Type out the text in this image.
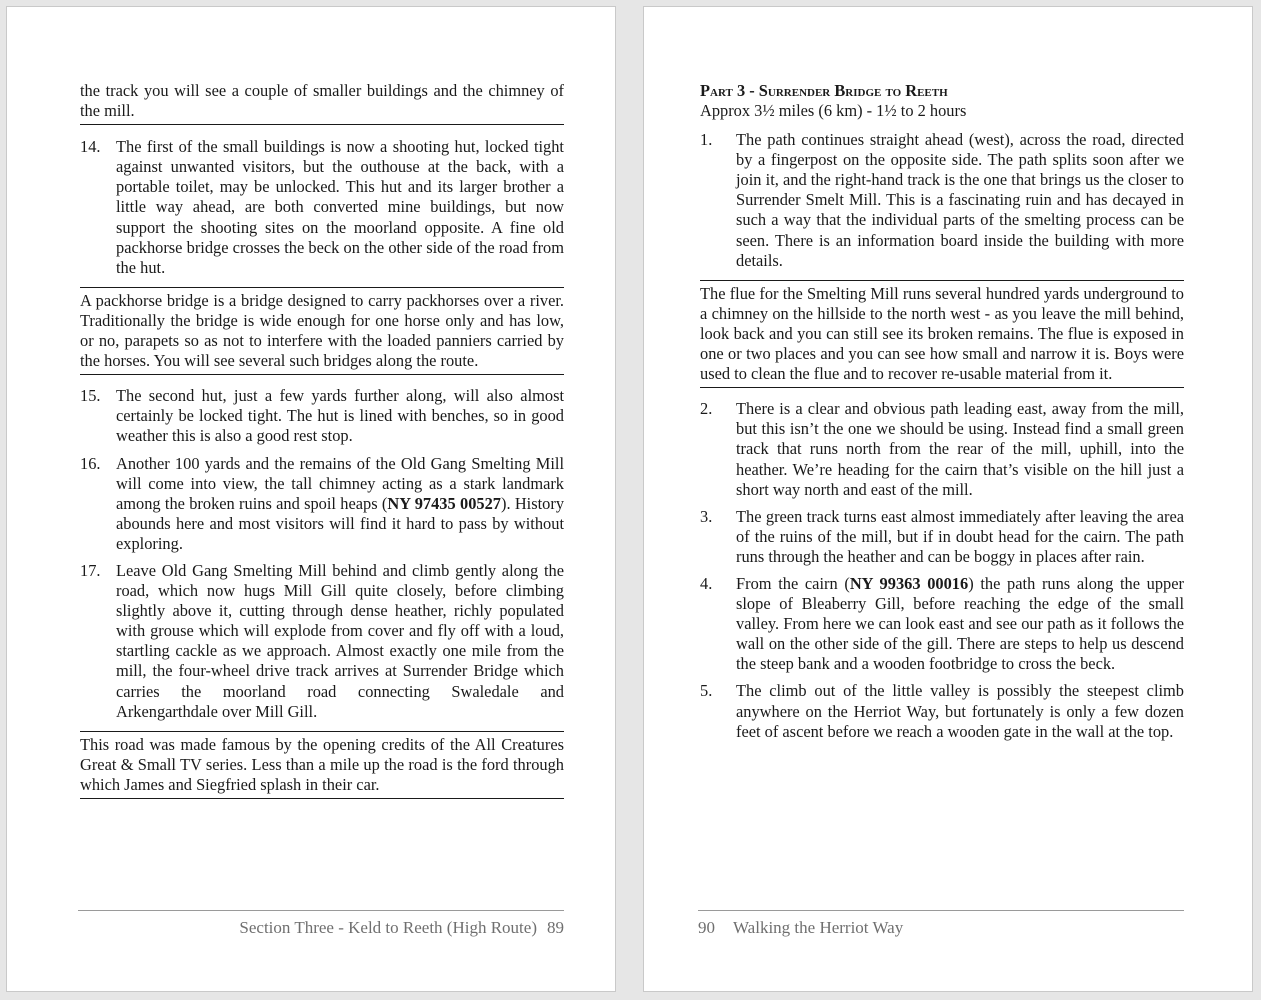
the track you will see a couple of smaller buildings and the chimney of the mill.

14. The first of the small buildings is now a shooting hut, locked tight against unwanted visitors, but the outhouse at the back, with a portable toilet, may be unlocked. This hut and its larger brother a little way ahead, are both converted mine buildings, but now support the shooting sites on the moorland opposite. A fine old packhorse bridge crosses the beck on the other side of the road from the hut.

A packhorse bridge is a bridge designed to carry packhorses over a river. Traditionally the bridge is wide enough for one horse only and has low, or no, parapets so as not to interfere with the loaded panniers carried by the horses. You will see several such bridges along the route.

15. The second hut, just a few yards further along, will also almost certainly be locked tight. The hut is lined with benches, so in good weather this is also a good rest stop.
16. Another 100 yards and the remains of the Old Gang Smelting Mill will come into view, the tall chimney acting as a stark landmark among the broken ruins and spoil heaps (NY 97435 00527). History abounds here and most visitors will find it hard to pass by without exploring.
17. Leave Old Gang Smelting Mill behind and climb gently along the road, which now hugs Mill Gill quite closely, before climbing slightly above it, cutting through dense heather, richly populated with grouse which will explode from cover and fly off with a loud, startling cackle as we approach. Almost exactly one mile from the mill, the four-wheel drive track arrives at Surrender Bridge which carries the moorland road connecting Swaledale and Arkengarthdale over Mill Gill.

This road was made famous by the opening credits of the All Creatures Great & Small TV series. Less than a mile up the road is the ford through which James and Siegfried splash in their car.

Section Three - Keld to Reeth (High Route) 89

Part 3 - Surrender Bridge to Reeth

Approx 3½ miles (6 km) - 1½ to 2 hours

1. The path continues straight ahead (west), across the road, directed by a fingerpost on the opposite side. The path splits soon after we join it, and the right-hand track is the one that brings us the closer to Surrender Smelt Mill. This is a fascinating ruin and has decayed in such a way that the individual parts of the smelting process can be seen. There is an information board inside the building with more details.

The flue for the Smelting Mill runs several hundred yards underground to a chimney on the hillside to the north west - as you leave the mill behind, look back and you can still see its broken remains. The flue is exposed in one or two places and you can see how small and narrow it is. Boys were used to clean the flue and to recover re-usable material from it.

2. There is a clear and obvious path leading east, away from the mill, but this isn’t the one we should be using. Instead find a small green track that runs north from the rear of the mill, uphill, into the heather. We’re heading for the cairn that’s visible on the hill just a short way north and east of the mill.
3. The green track turns east almost immediately after leaving the area of the ruins of the mill, but if in doubt head for the cairn. The path runs through the heather and can be boggy in places after rain.
4. From the cairn (NY 99363 00016) the path runs along the upper slope of Bleaberry Gill, before reaching the edge of the small valley. From here we can look east and see our path as it follows the wall on the other side of the gill. There are steps to help us descend the steep bank and a wooden footbridge to cross the beck.
5. The climb out of the little valley is possibly the steepest climb anywhere on the Herriot Way, but fortunately is only a few dozen feet of ascent before we reach a wooden gate in the wall at the top.
90 Walking the Herriot Way
